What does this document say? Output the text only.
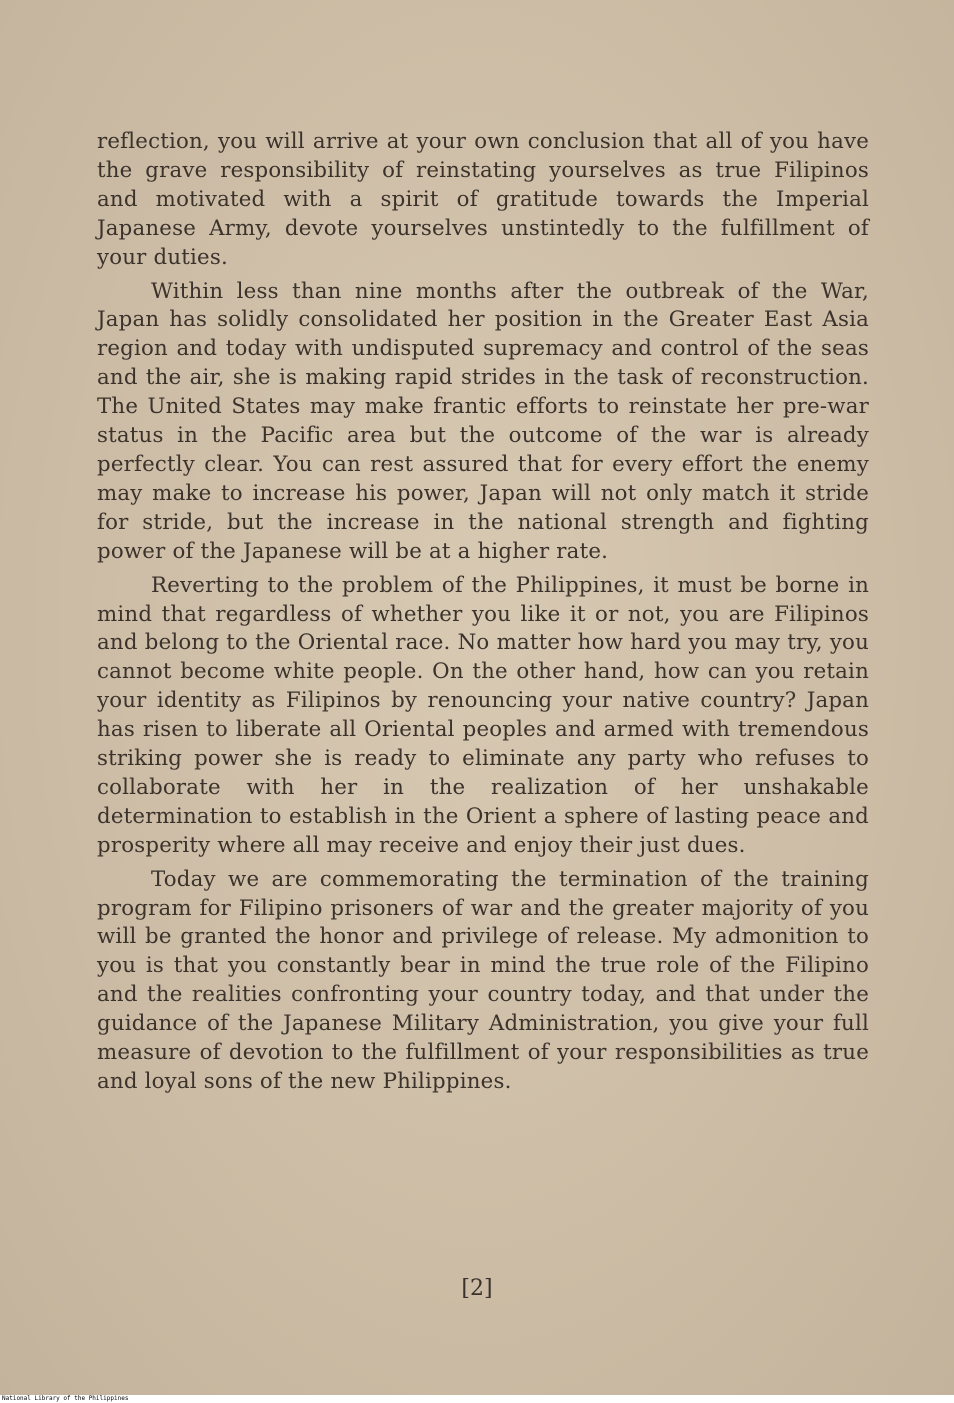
reflection, you will arrive at your own conclusion that all of you have the grave responsibility of reinstating yourselves as true Filipinos and motivated with a spirit of gratitude towards the Imperial Japanese Army, devote yourselves unstintedly to the fulfillment of your duties.

Within less than nine months after the outbreak of the War, Japan has solidly consolidated her position in the Greater East Asia region and today with undisputed supremacy and control of the seas and the air, she is making rapid strides in the task of reconstruction. The United States may make frantic efforts to reinstate her pre-war status in the Pacific area but the outcome of the war is already perfectly clear. You can rest assured that for every effort the enemy may make to increase his power, Japan will not only match it stride for stride, but the increase in the national strength and fighting power of the Japanese will be at a higher rate.

Reverting to the problem of the Philippines, it must be borne in mind that regardless of whether you like it or not, you are Filipinos and belong to the Oriental race. No matter how hard you may try, you cannot become white people. On the other hand, how can you retain your identity as Filipinos by renouncing your native country? Japan has risen to liberate all Oriental peoples and armed with tremendous striking power she is ready to eliminate any party who refuses to collaborate with her in the realization of her unshakable determination to establish in the Orient a sphere of lasting peace and prosperity where all may receive and enjoy their just dues.

Today we are commemorating the termination of the training program for Filipino prisoners of war and the greater majority of you will be granted the honor and privilege of release. My admonition to you is that you constantly bear in mind the true role of the Filipino and the realities confronting your country today, and that under the guidance of the Japanese Military Administration, you give your full measure of devotion to the fulfillment of your responsibilities as true and loyal sons of the new Philippines.

[2]
National Library of the Philippines
